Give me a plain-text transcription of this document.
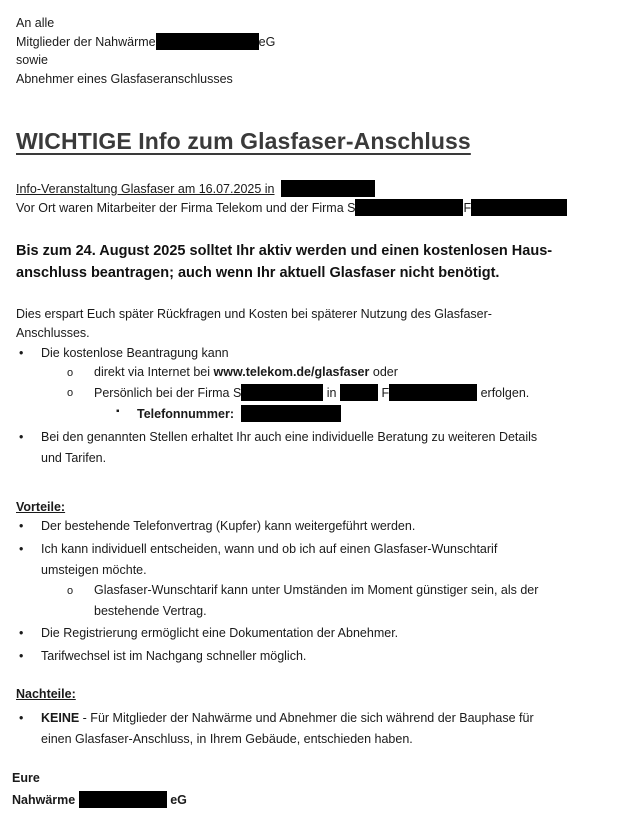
An alle
Mitglieder der Nahwärme	eG
sowie
Abnehmer eines Glasfaseranschlusses
WICHTIGE Info zum Glasfaser-Anschluss
Info-Veranstaltung Glasfaser am 16.07.2025 in
Vor Ort waren Mitarbeiter der Firma Telekom und der Firma S	F
Bis zum 24. August 2025 solltet Ihr aktiv werden und einen kostenlosen Haus-
anschluss beantragen; auch wenn Ihr aktuell Glasfaser nicht benötigt.
Dies erspart Euch später Rückfragen und Kosten bei späterer Nutzung des Glasfaser-
Anschlusses.
• Die kostenlose Beantragung kann
o direkt via Internet bei www.telekom.de/glasfaser oder
o Persönlich bei der Firma S	in	F	erfolgen.
▪ Telefonnummer:
• Bei den genannten Stellen erhaltet Ihr auch eine individuelle Beratung zu weiteren Details
und Tarifen.
Vorteile:
• Der bestehende Telefonvertrag (Kupfer) kann weitergeführt werden.
• Ich kann individuell entscheiden, wann und ob ich auf einen Glasfaser-Wunschtarif
umsteigen möchte.
o Glasfaser-Wunschtarif kann unter Umständen im Moment günstiger sein, als der
bestehende Vertrag.
• Die Registrierung ermöglicht eine Dokumentation der Abnehmer.
• Tarifwechsel ist im Nachgang schneller möglich.
Nachteile:
• KEINE - Für Mitglieder der Nahwärme und Abnehmer die sich während der Bauphase für
einen Glasfaser-Anschluss, in Ihrem Gebäude, entschieden haben.
Eure
Nahwärme	eG
